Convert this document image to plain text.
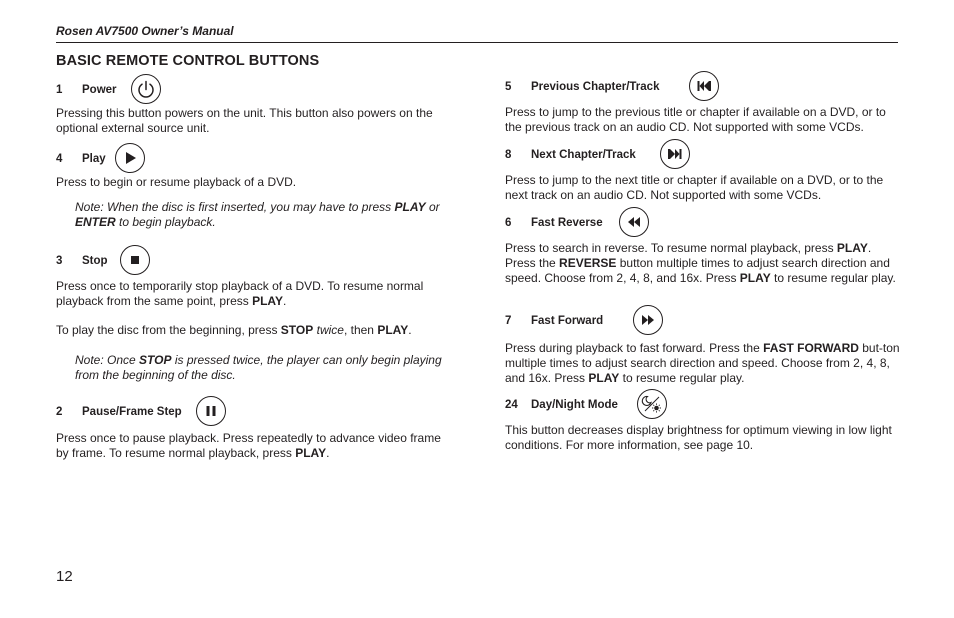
Rosen AV7500 Owner’s Manual
BASIC REMOTE CONTROL BUTTONS
1 Power

Pressing this button powers on the unit. This button also powers on the optional external source unit.

4 Play

Press to begin or resume playback of a DVD.

Note: When the disc is first inserted, you may have to press PLAY or ENTER to begin playback.

3 Stop

Press once to temporarily stop playback of a DVD. To resume normal playback from the same point, press PLAY.

To play the disc from the beginning, press STOP twice, then PLAY.

Note: Once STOP is pressed twice, the player can only begin playing from the beginning of the disc.

2 Pause/Frame Step

Press once to pause playback. Press repeatedly to advance video frame by frame. To resume normal playback, press PLAY.

5 Previous Chapter/Track

Press to jump to the previous title or chapter if available on a DVD, or to the previous track on an audio CD. Not supported with some VCDs.

8 Next Chapter/Track

Press to jump to the next title or chapter if available on a DVD, or to the next track on an audio CD. Not supported with some VCDs.

6 Fast Reverse

Press to search in reverse. To resume normal playback, press PLAY. Press the REVERSE button multiple times to adjust search direction and speed. Choose from 2, 4, 8, and 16x. Press PLAY to resume regular play.

7 Fast Forward

Press during playback to fast forward. Press the FAST FORWARD but-ton multiple times to adjust search direction and speed. Choose from 2, 4, 8, and 16x. Press PLAY to resume regular play.

24 Day/Night Mode

This button decreases display brightness for optimum viewing in low light conditions. For more information, see page 10.

12
